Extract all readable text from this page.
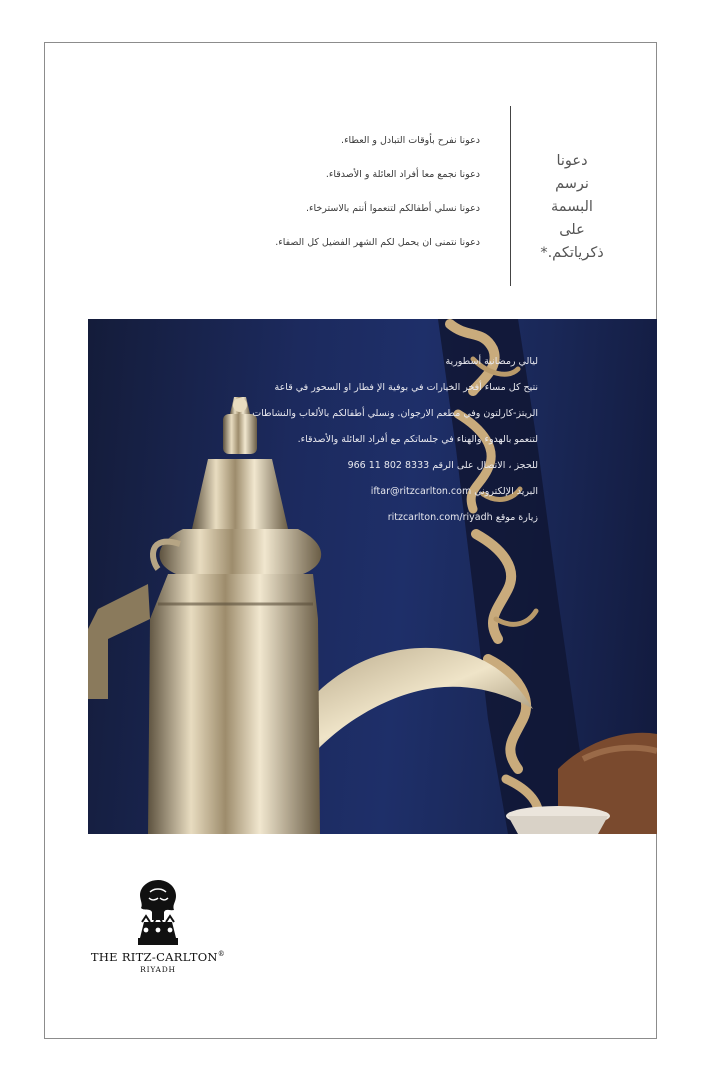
دعونا
نرسم
البسمة
على
ذكرياتكم.*
دعونا نفرح بأوقات التبادل و العطاء.
دعونا نجمع معا أفراد العائلة و الأصدقاء.
دعونا نسلي أطفالكم لتنعموا أنتم بالاسترخاء.
دعونا نتمنى ان يحمل لكم الشهر الفضيل كل الصفاء.
ليالي رمضانية أسطورية
نتيح كل مساء أفخر الخيارات في بوفية الإ فطار او السحور في قاعة
الريتز-كارلتون وفي مطعم الارجوان. ونسلي أطفالكم بالألعاب والنشاطات
لتنعمو بالهدوء والهناء في جلساتكم مع أفراد العائلة والأصدقاء.
للحجز ، الاتصال على الرقم 966 11 802 8333
البريد الإلكتروني iftar@ritzcarlton.com
زيارة موقع ritzcarlton.com/riyadh
THE RITZ-CARLTON®
RIYADH
